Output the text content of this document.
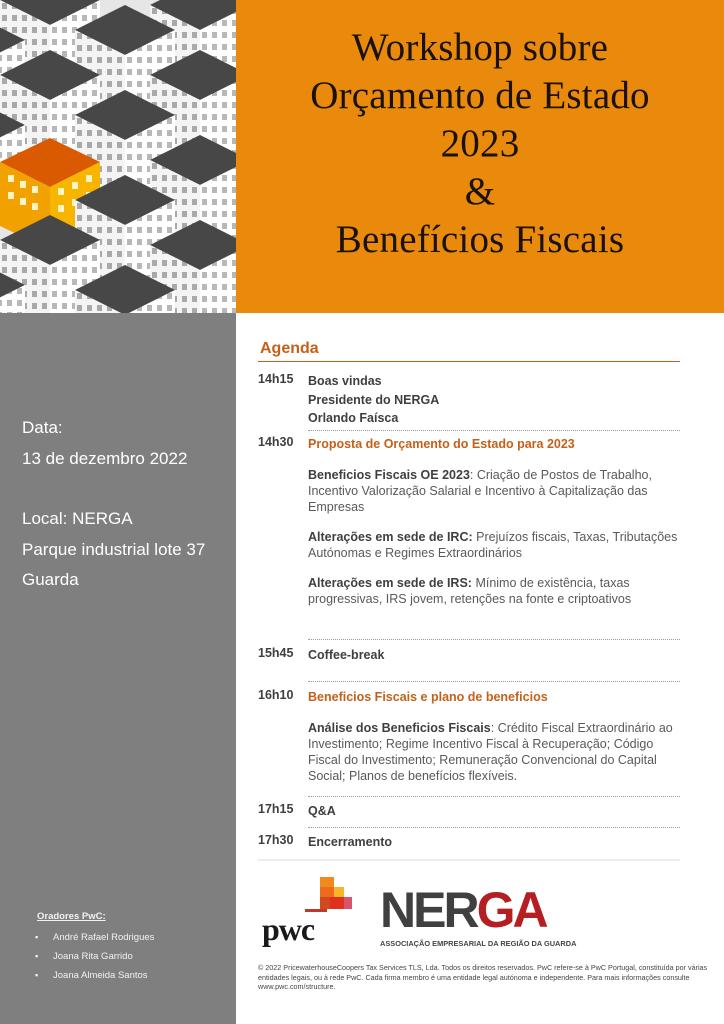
Workshop sobre
Orçamento de Estado
2023
&
Benefícios Fiscais
Data:
13 de dezembro 2022
Local: NERGA
Parque industrial lote 37
Guarda
Oradores PwC:
▪ André Rafael Rodrigues
▪ Joana Rita Garrido
▪ Joana Almeida Santos
Agenda
14h15 Boas vindas
Presidente do NERGA
Orlando Faísca
14h30 Proposta de Orçamento do Estado para 2023
Beneficios Fiscais OE 2023: Criação de Postos de Trabalho, Incentivo Valorização Salarial e Incentivo à Capitalização das Empresas
Alterações em sede de IRC: Prejuízos fiscais, Taxas, Tributações Autónomas e Regimes Extraordinários
Alterações em sede de IRS: Mínimo de existência, taxas progressivas, IRS jovem, retenções na fonte e criptoativos
15h45 Coffee-break
16h10 Beneficios Fiscais e plano de beneficios
Análise dos Beneficios Fiscais: Crédito Fiscal Extraordinário ao Investimento; Regime Incentivo Fiscal à Recuperação; Código Fiscal do Investimento; Remuneração Convencional do Capital Social; Planos de benefícios flexíveis.
17h15 Q&A
17h30 Encerramento
pwc NERGA
ASSOCIAÇÃO EMPRESARIAL DA REGIÃO DA GUARDA
© 2022 PricewaterhouseCoopers Tax Services TLS, Lda. Todos os direitos reservados. PwC refere-se à PwC Portugal, constituída por várias entidades legais, ou à rede PwC. Cada firma membro é uma entidade legal autónoma e independente. Para mais informações consulte www.pwc.com/structure.
